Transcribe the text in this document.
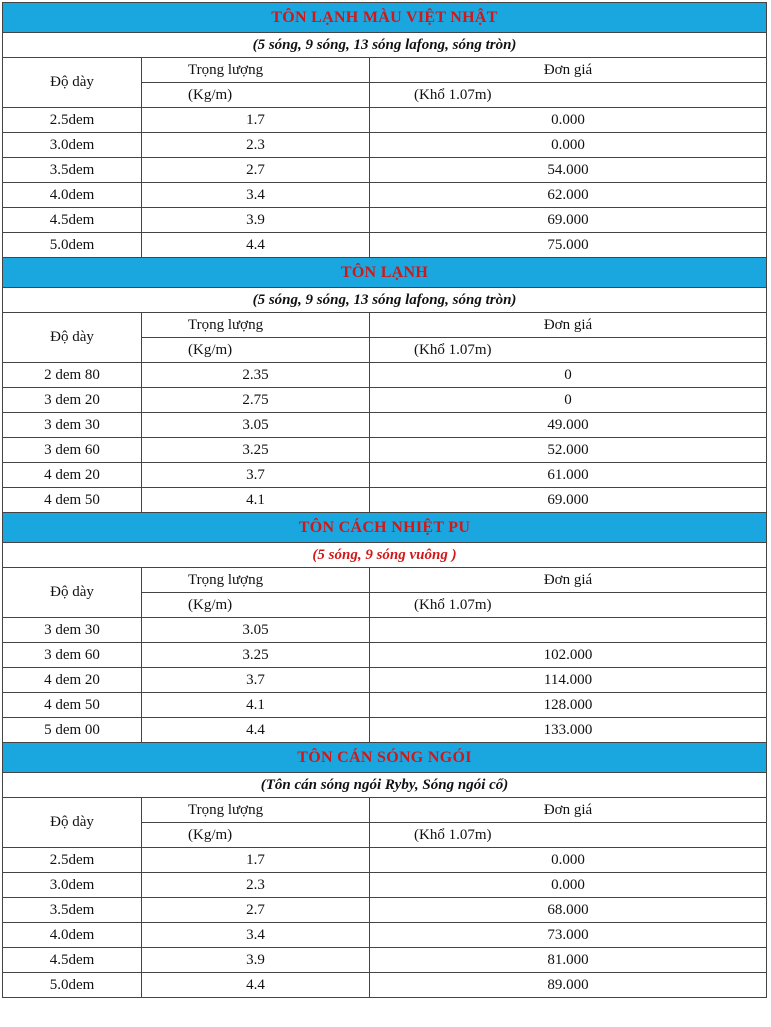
TÔN LẠNH MÀU VIỆT NHẬT		
(5 sóng, 9 sóng, 13 sóng lafong, sóng tròn)		
Độ dày	Trọng lượng	Đơn giá
	(Kg/m)	(Khổ 1.07m)
2.5dem	1.7	0.000
3.0dem	2.3	0.000
3.5dem	2.7	54.000
4.0dem	3.4	62.000
4.5dem	3.9	69.000
5.0dem	4.4	75.000
TÔN LẠNH		
(5 sóng, 9 sóng, 13 sóng lafong, sóng tròn)		
Độ dày	Trọng lượng	Đơn giá
	(Kg/m)	(Khổ 1.07m)
2 dem 80	2.35	0
3 dem 20	2.75	0
3 dem 30	3.05	49.000
3 dem 60	3.25	52.000
4 dem 20	3.7	61.000
4 dem 50	4.1	69.000
TÔN CÁCH NHIỆT PU		
(5 sóng, 9 sóng vuông )		
Độ dày	Trọng lượng	Đơn giá
	(Kg/m)	(Khổ 1.07m)
3 dem 30	3.05	
3 dem 60	3.25	102.000
4 dem 20	3.7	114.000
4 dem 50	4.1	128.000
5 dem 00	4.4	133.000
TÔN CÁN SÓNG NGÓI		
(Tôn cán sóng ngói Ryby, Sóng ngói cổ)		
Độ dày	Trọng lượng	Đơn giá
	(Kg/m)	(Khổ 1.07m)
2.5dem	1.7	0.000
3.0dem	2.3	0.000
3.5dem	2.7	68.000
4.0dem	3.4	73.000
4.5dem	3.9	81.000
5.0dem	4.4	89.000
